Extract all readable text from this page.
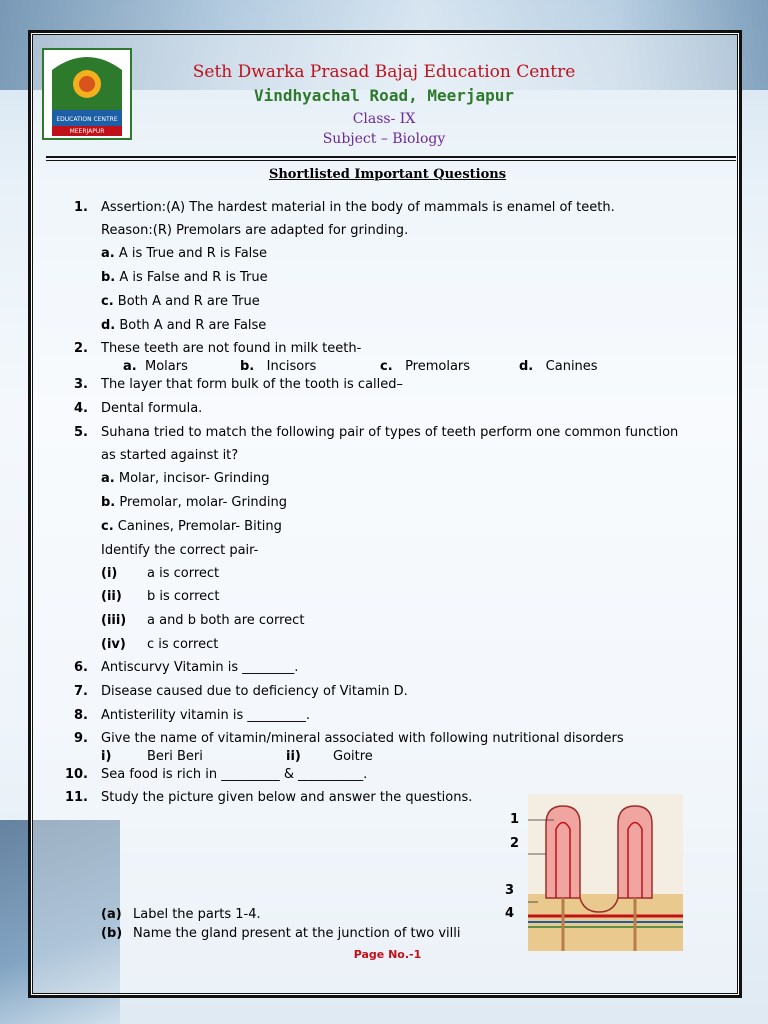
EDUCATION CENTRE
MEERJAPUR
Seth Dwarka Prasad Bajaj Education Centre
Vindhyachal Road, Meerjapur
Class- IX
Subject – Biology
Shortlisted Important Questions
1. Assertion:(A) The hardest material in the body of mammals is enamel of teeth.
Reason:(R) Premolars are adapted for grinding.
a. A is True and R is False
b. A is False and R is True
c. Both A and R are True
d. Both A and R are False
2. These teeth are not found in milk teeth-
a. Molars	b. Incisors	c. Premolars	d. Canines
3. The layer that form bulk of the tooth is called–
4. Dental formula.
5. Suhana tried to match the following pair of types of teeth perform one common function
as started against it?
a. Molar, incisor- Grinding
b. Premolar, molar- Grinding
c. Canines, Premolar- Biting
Identify the correct pair-
(i) a is correct
(ii) b is correct
(iii) a and b both are correct
(iv) c is correct
6. Antiscurvy Vitamin is ________.
7. Disease caused due to deficiency of Vitamin D.
8. Antisterility vitamin is _________.
9. Give the name of vitamin/mineral associated with following nutritional disorders
i)	Beri Beri	ii) Goitre
10. Sea food is rich in _________ & __________.
11. Study the picture given below and answer the questions.
1
2
3
4
(a) Label the parts 1-4.
(b) Name the gland present at the junction of two villi
Page No.-1
